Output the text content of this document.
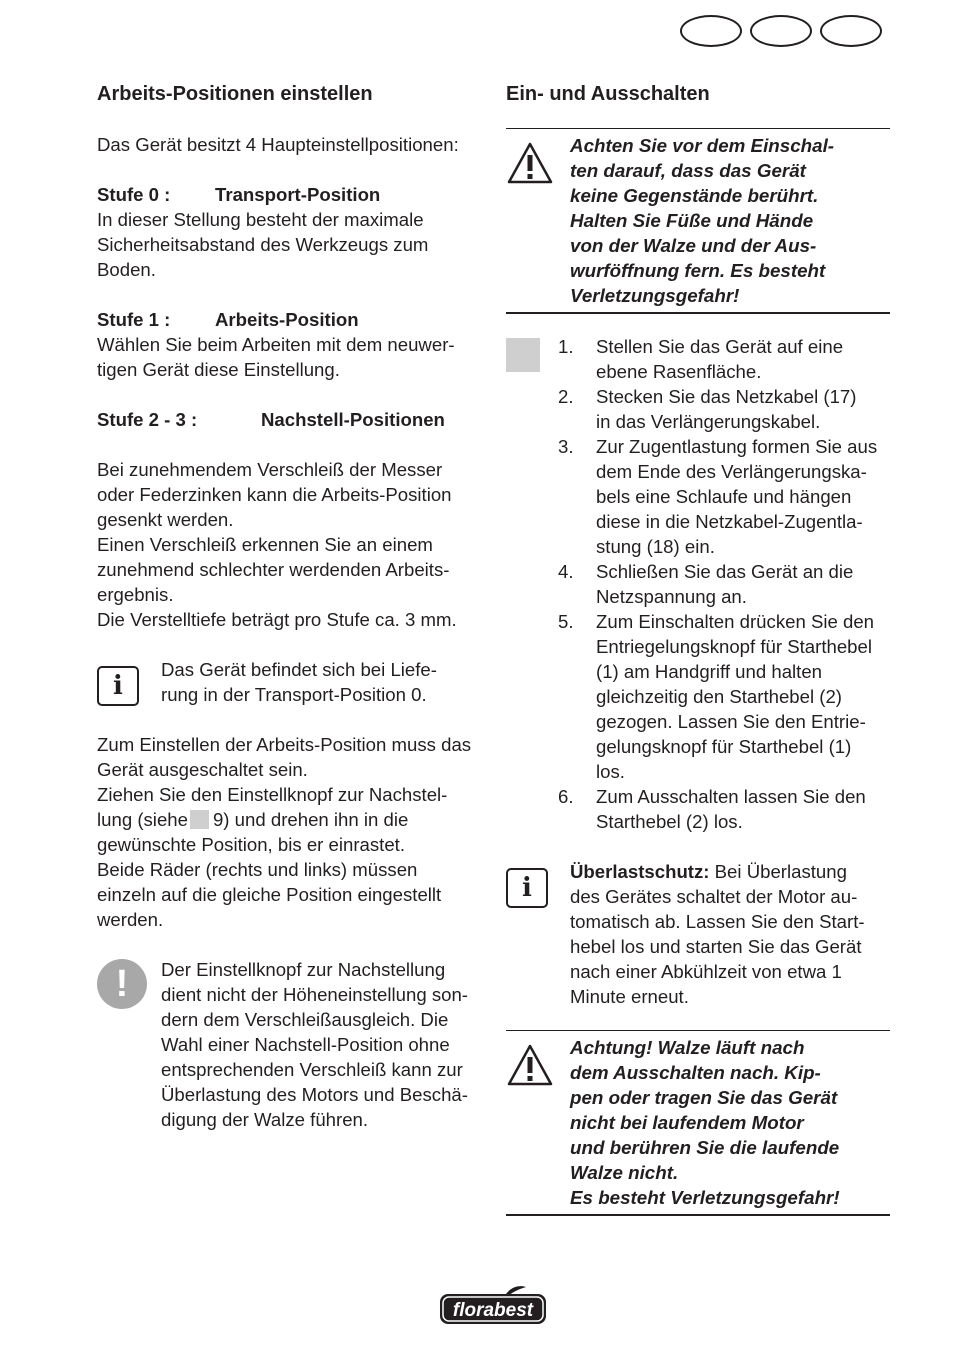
Arbeits-Positionen einstellen

Das Gerät besitzt 4 Haupteinstellpositionen:

Stufe 0 :	Transport-Position

In dieser Stellung besteht der maximale

Sicherheitsabstand des Werkzeugs zum

Boden.

Stufe 1 :	Arbeits-Position

Wählen Sie beim Arbeiten mit dem neuwer-

tigen Gerät diese Einstellung.

Stufe 2 - 3 :	Nachstell-Positionen

Bei zunehmendem Verschleiß der Messer

oder Federzinken kann die Arbeits-Position

gesenkt werden.

Einen Verschleiß erkennen Sie an einem

zunehmend schlechter werdenden Arbeits-

ergebnis.

Die Verstelltiefe beträgt pro Stufe ca. 3 mm.

i

Das Gerät befindet sich bei Liefe-

rung in der Transport-Position 0.

Zum Einstellen der Arbeits-Position muss das

Gerät ausgeschaltet sein.

Ziehen Sie den Einstellknopf zur Nachstel-

lung (siehe 9) und drehen ihn in die

gewünschte Position, bis er einrastet.

Beide Räder (rechts und links) müssen

einzeln auf die gleiche Position eingestellt

werden.

!	Der Einstellknopf zur Nachstellung

dient nicht der Höheneinstellung son-

dern dem Verschleißausgleich. Die

Wahl einer Nachstell-Position ohne

entsprechenden Verschleiß kann zur

Überlastung des Motors und Beschä-

digung der Walze führen.

Ein- und Ausschalten

Achten Sie vor dem Einschal-

ten darauf, dass das Gerät

keine Gegenstände berührt.

Halten Sie Füße und Hände

von der Walze und der Aus-

wurföffnung fern. Es besteht

Verletzungsgefahr!

1.	Stellen Sie das Gerät auf eine

ebene Rasenfläche.

2.	Stecken Sie das Netzkabel (17)

in das Verlängerungskabel.

3.	Zur Zugentlastung formen Sie aus

dem Ende des Verlängerungska-

bels eine Schlaufe und hängen

diese in die Netzkabel-Zugentla-

stung (18) ein.

4.	Schließen Sie das Gerät an die

Netzspannung an.

5.	Zum Einschalten drücken Sie den

Entriegelungsknopf für Starthebel

(1) am Handgriff und halten

gleichzeitig den Starthebel (2)

gezogen. Lassen Sie den Entrie-

gelungsknopf für Starthebel (1)

los.

6.	Zum Ausschalten lassen Sie den

Starthebel (2) los.

i

Überlastschutz: Bei Überlastung

des Gerätes schaltet der Motor au-

tomatisch ab. Lassen Sie den Start-

hebel los und starten Sie das Gerät

nach einer Abkühlzeit von etwa 1

Minute erneut.

Achtung! Walze läuft nach

dem Ausschalten nach. Kip-

pen oder tragen Sie das Gerät

nicht bei laufendem Motor

und berühren Sie die laufende

Walze nicht.

Es besteht Verletzungsgefahr!

florabest
